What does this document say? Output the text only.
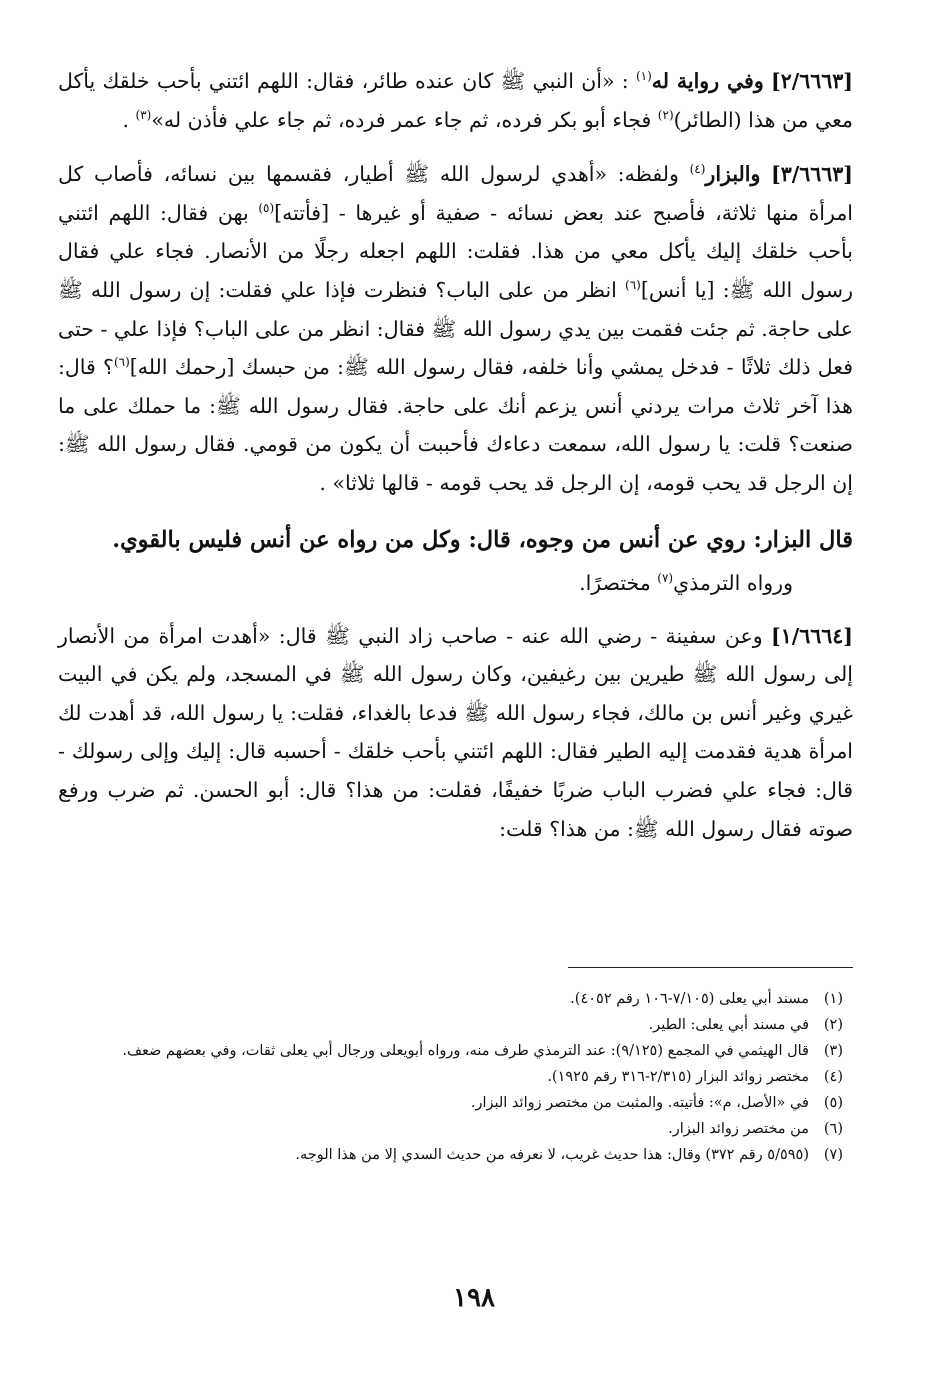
[٢/٦٦٦٣] وفي رواية له$^{(١)}$ : «أن النبي ﷺ كان عنده طائر، فقال: اللهم ائتني بأحب خلقك يأكل معي من هذا (الطائر)$^{(٢)}$ فجاء أبو بكر فرده، ثم جاء عمر فرده، ثم جاء علي فأذن له»$^{(٣)}$ .

[٣/٦٦٦٣] والبزار$^{(٤)}$ ولفظه: «أهدي لرسول الله ﷺ أطيار، فقسمها بين نسائه، فأصاب كل امرأة منها ثلاثة، فأصبح عند بعض نسائه - صفية أو غيرها - [فأتته]$^{(٥)}$ بهن فقال: اللهم ائتني بأحب خلقك إليك يأكل معي من هذا. فقلت: اللهم اجعله رجلًا من الأنصار. فجاء علي فقال رسول الله ﷺ: [يا أنس]$^{(٦)}$ انظر من على الباب؟ فنظرت فإذا علي فقلت: إن رسول الله ﷺ على حاجة. ثم جئت فقمت بين يدي رسول الله ﷺ فقال: انظر من على الباب؟ فإذا علي - حتى فعل ذلك ثلاثًا - فدخل يمشي وأنا خلفه، فقال رسول الله ﷺ: من حبسك [رحمك الله]$^{(٦)}$؟ قال: هذا آخر ثلاث مرات يردني أنس يزعم أنك على حاجة. فقال رسول الله ﷺ: ما حملك على ما صنعت؟ قلت: يا رسول الله، سمعت دعاءك فأحببت أن يكون من قومي. فقال رسول الله ﷺ: إن الرجل قد يحب قومه، إن الرجل قد يحب قومه - قالها ثلاثا» .

قال البزار: روي عن أنس من وجوه، قال: وكل من رواه عن أنس فليس بالقوي.

ورواه الترمذي$^{(٧)}$ مختصرًا.

[١/٦٦٦٤] وعن سفينة - رضي الله عنه - صاحب زاد النبي ﷺ قال: «أهدت امرأة من الأنصار إلى رسول الله ﷺ طيرين بين رغيفين، وكان رسول الله ﷺ في المسجد، ولم يكن في البيت غيري وغير أنس بن مالك، فجاء رسول الله ﷺ فدعا بالغداء، فقلت: يا رسول الله، قد أهدت لك امرأة هدية فقدمت إليه الطير فقال: اللهم ائتني بأحب خلقك - أحسبه قال: إليك وإلى رسولك - قال: فجاء علي فضرب الباب ضربًا خفيفًا، فقلت: من هذا؟ قال: أبو الحسن. ثم ضرب ورفع صوته فقال رسول الله ﷺ: من هذا؟ قلت:

(١)
مسند أبي يعلى (٧/١٠٥-١٠٦ رقم ٤٠٥٢).
(٢)
في مسند أبي يعلى: الطير.
(٣)
قال الهيثمي في المجمع (٩/١٢٥): عند الترمذي طرف منه، ورواه أبويعلى ورجال أبي يعلى ثقات، وفي بعضهم ضعف.
(٤)
مختصر زوائد البزار (٢/٣١٥-٣١٦ رقم ١٩٢٥).
(٥)
في «الأصل، م»: فأتيته. والمثبت من مختصر زوائد البزار.
(٦)
من مختصر زوائد البزار.
(٧)
(٥/٥٩٥ رقم ٣٧٢) وقال: هذا حديث غريب، لا نعرفه من حديث السدي إلا من هذا الوجه.
١٩٨
